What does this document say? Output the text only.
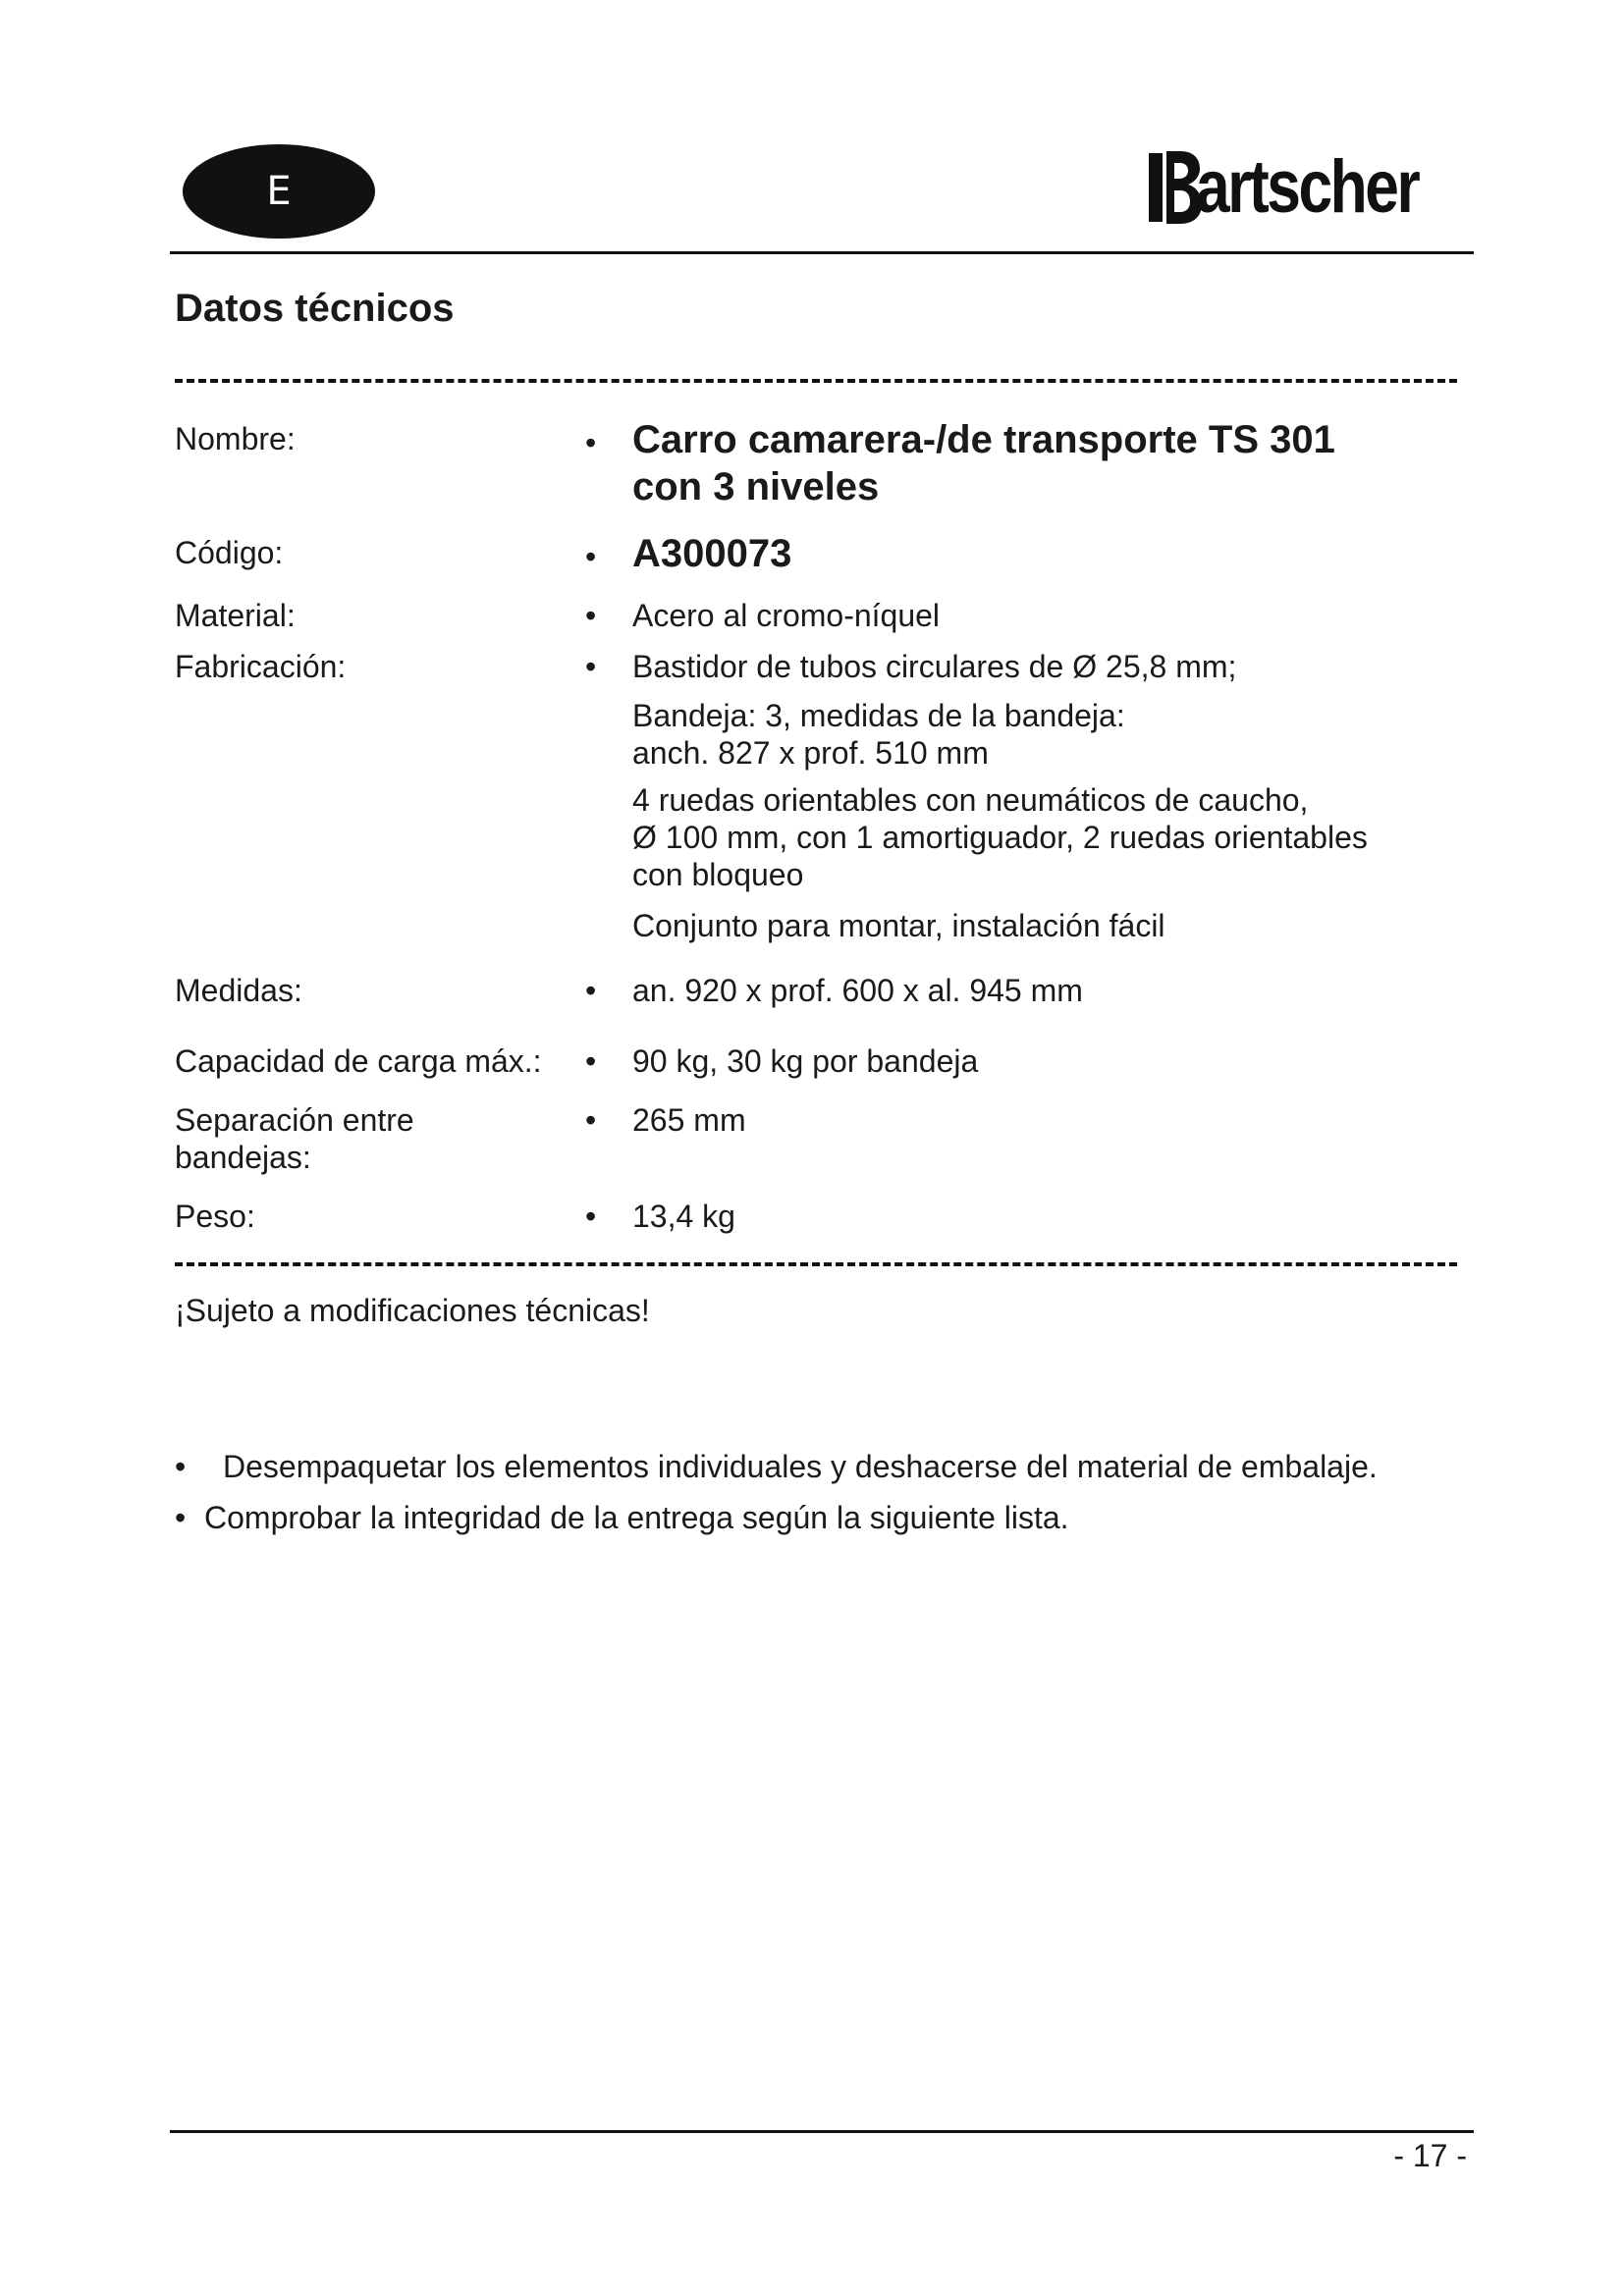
E	artscher
Datos técnicos
Nombre:	• Carro camarera-/de transporte TS 301
con 3 niveles
Código:	• A300073
Material:	• Acero al cromo-níquel
Fabricación:	• Bastidor de tubos circulares de Ø 25,8 mm;
Bandeja: 3, medidas de la bandeja:
anch. 827 x prof. 510 mm
4 ruedas orientables con neumáticos de caucho,
Ø 100 mm, con 1 amortiguador, 2 ruedas orientables
con bloqueo
Conjunto para montar, instalación fácil
Medidas:	• an. 920 x prof. 600 x al. 945 mm
Capacidad de carga máx.:	• 90 kg, 30 kg por bandeja
Separación entre
bandejas:
• 265 mm
Peso:	• 13,4 kg
¡Sujeto a modificaciones técnicas!
• Desempaquetar los elementos individuales y deshacerse del material de embalaje.
• Comprobar la integridad de la entrega según la siguiente lista.
- 17 -
